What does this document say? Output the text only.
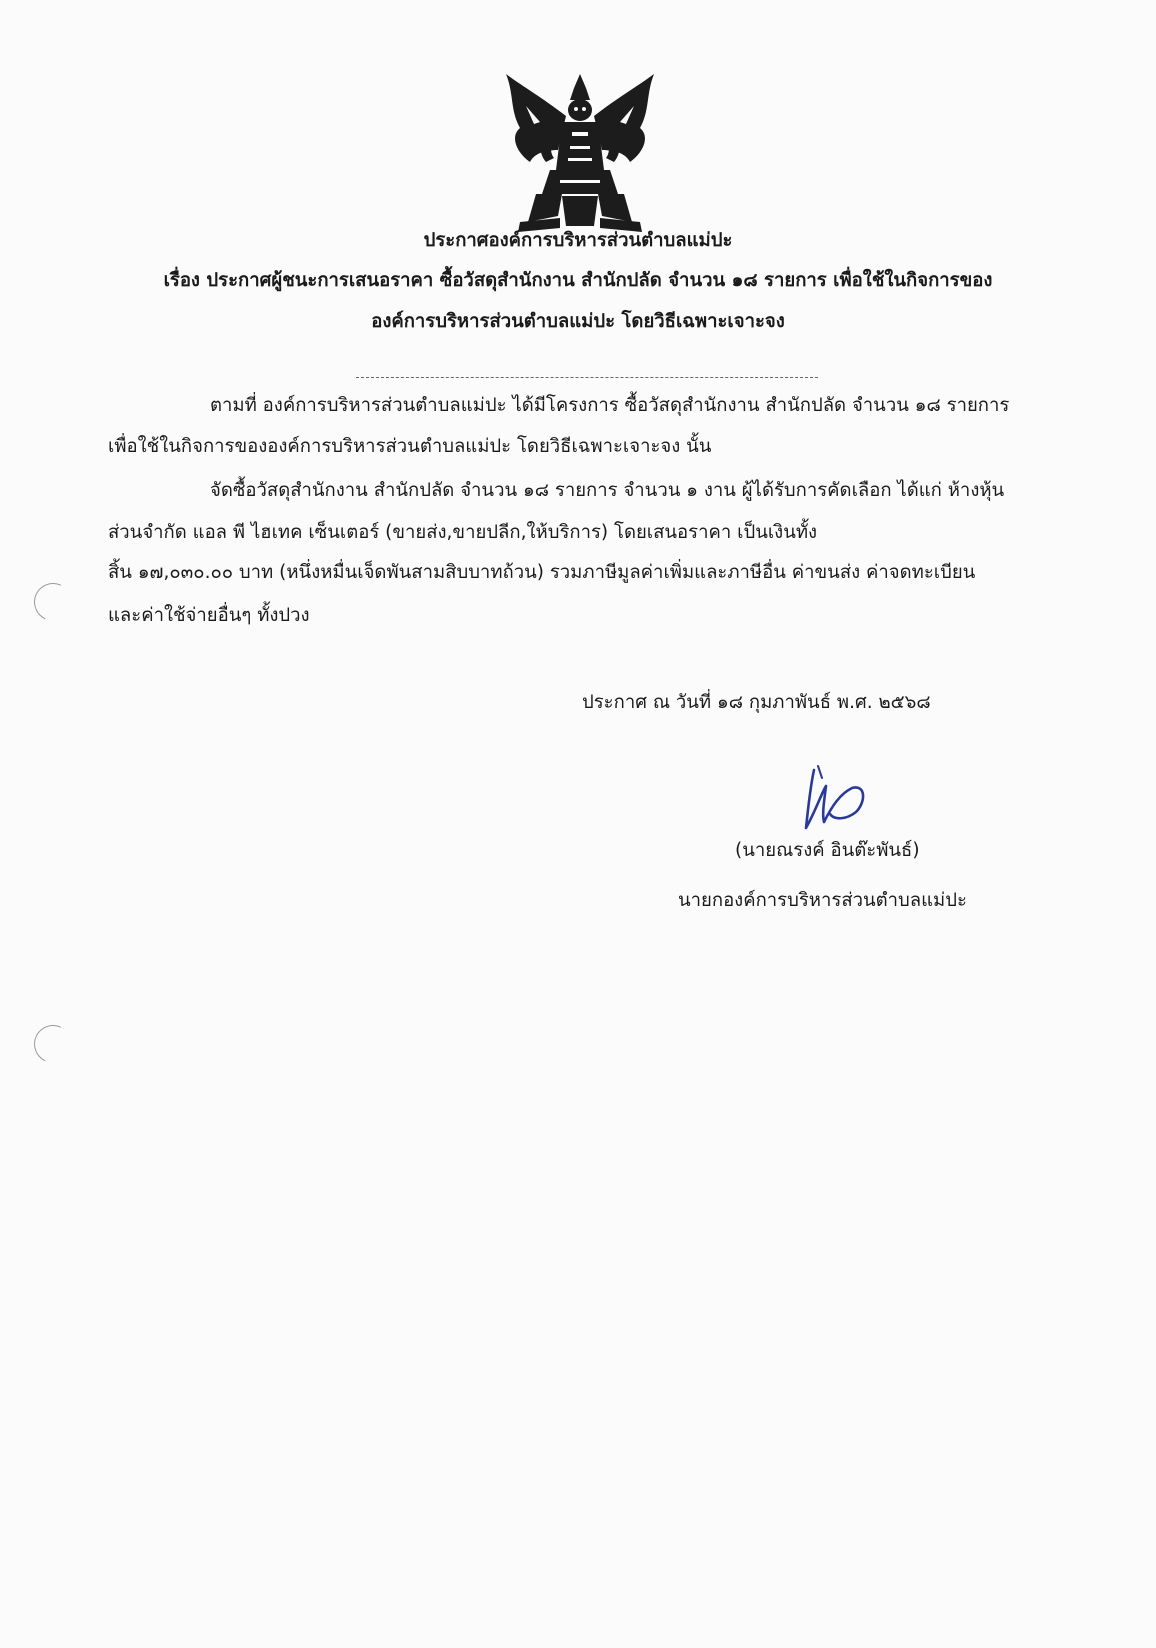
ประกาศองค์การบริหารส่วนตำบลแม่ปะ
เรื่อง ประกาศผู้ชนะการเสนอราคา ซื้อวัสดุสำนักงาน สำนักปลัด จำนวน ๑๘ รายการ เพื่อใช้ในกิจการของ
องค์การบริหารส่วนตำบลแม่ปะ โดยวิธีเฉพาะเจาะจง
ตามที่ องค์การบริหารส่วนตำบลแม่ปะ ได้มีโครงการ ซื้อวัสดุสำนักงาน สำนักปลัด จำนวน ๑๘ รายการ
เพื่อใช้ในกิจการขององค์การบริหารส่วนตำบลแม่ปะ โดยวิธีเฉพาะเจาะจง นั้น
จัดซื้อวัสดุสำนักงาน สำนักปลัด จำนวน ๑๘ รายการ จำนวน ๑ งาน ผู้ได้รับการคัดเลือก ได้แก่ ห้างหุ้น
ส่วนจำกัด แอล พี ไฮเทค เซ็นเตอร์ (ขายส่ง,ขายปลีก,ให้บริการ) โดยเสนอราคา เป็นเงินทั้ง
สิ้น ๑๗,๐๓๐.๐๐ บาท (หนึ่งหมื่นเจ็ดพันสามสิบบาทถ้วน) รวมภาษีมูลค่าเพิ่มและภาษีอื่น ค่าขนส่ง ค่าจดทะเบียน
และค่าใช้จ่ายอื่นๆ ทั้งปวง
ประกาศ ณ วันที่ ๑๘ กุมภาพันธ์ พ.ศ. ๒๕๖๘
(นายณรงค์ อินต๊ะพันธ์)
นายกองค์การบริหารส่วนตำบลแม่ปะ
